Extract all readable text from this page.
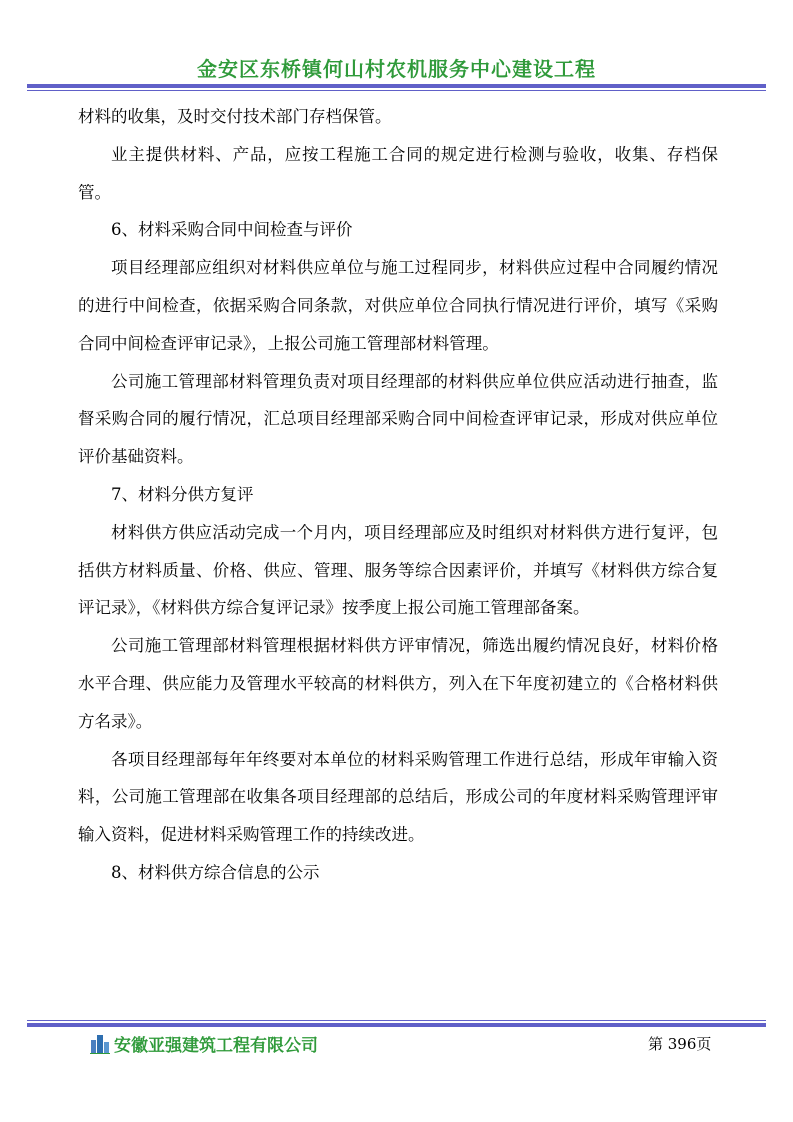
金安区东桥镇何山村农机服务中心建设工程

材料的收集，及时交付技术部门存档保管。

业主提供材料、产品，应按工程施工合同的规定进行检测与验收，收集、存档保管。

6、材料采购合同中间检查与评价

项目经理部应组织对材料供应单位与施工过程同步，材料供应过程中合同履约情况的进行中间检查，依据采购合同条款，对供应单位合同执行情况进行评价，填写《采购合同中间检查评审记录》，上报公司施工管理部材料管理。

公司施工管理部材料管理负责对项目经理部的材料供应单位供应活动进行抽查，监督采购合同的履行情况，汇总项目经理部采购合同中间检查评审记录，形成对供应单位评价基础资料。

7、材料分供方复评

材料供方供应活动完成一个月内，项目经理部应及时组织对材料供方进行复评，包括供方材料质量、价格、供应、管理、服务等综合因素评价，并填写《材料供方综合复评记录》，《材料供方综合复评记录》按季度上报公司施工管理部备案。

公司施工管理部材料管理根据材料供方评审情况，筛选出履约情况良好，材料价格水平合理、供应能力及管理水平较高的材料供方，列入在下年度初建立的《合格材料供方名录》。

各项目经理部每年年终要对本单位的材料采购管理工作进行总结，形成年审输入资料，公司施工管理部在收集各项目经理部的总结后，形成公司的年度材料采购管理评审输入资料，促进材料采购管理工作的持续改进。

8、材料供方综合信息的公示

安徽亚强建筑工程有限公司	第 396页
